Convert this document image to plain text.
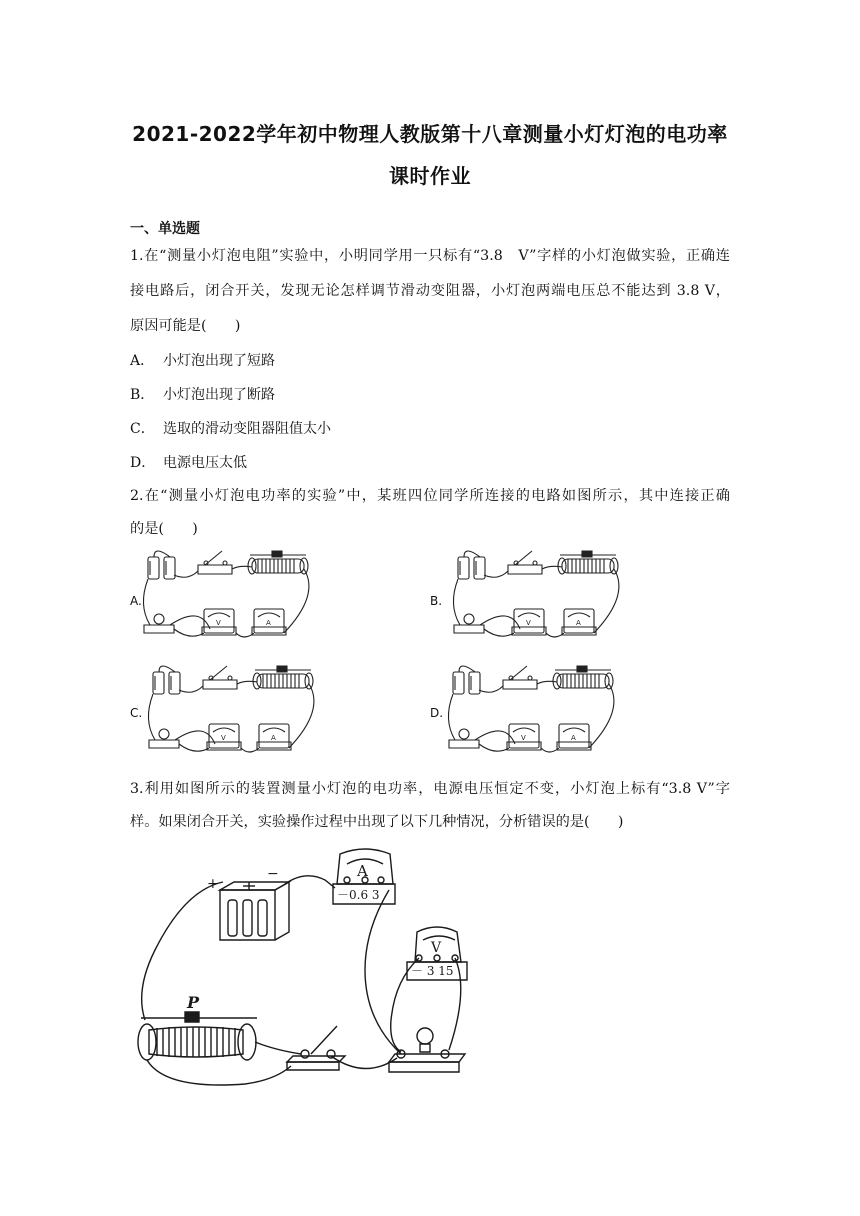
2021-2022学年初中物理人教版第十八章测量小灯灯泡的电功率
课时作业
一、单选题
1.在“测量小灯泡电阻”实验中，小明同学用一只标有“3.8　V”字样的小灯泡做实验，正确连
接电路后，闭合开关，发现无论怎样调节滑动变阻器，小灯泡两端电压总不能达到 3.8 V，
原因可能是(　　)
A． 小灯泡出现了短路
B． 小灯泡出现了断路
C． 选取的滑动变阻器阻值太小
D． 电源电压太低
2.在“测量小灯泡电功率的实验”中，某班四位同学所连接的电路如图所示，其中连接正确
的是(　　)
A.	B.
C.	D.
V	A
3.利用如图所示的装置测量小灯泡的电功率，电源电压恒定不变，小灯泡上标有“3.8 V”字
样。如果闭合开关，实验操作过程中出现了以下几种情况，分析错误的是(　　)
+
−	A
－0.6 3
V
－ 3 15
P
